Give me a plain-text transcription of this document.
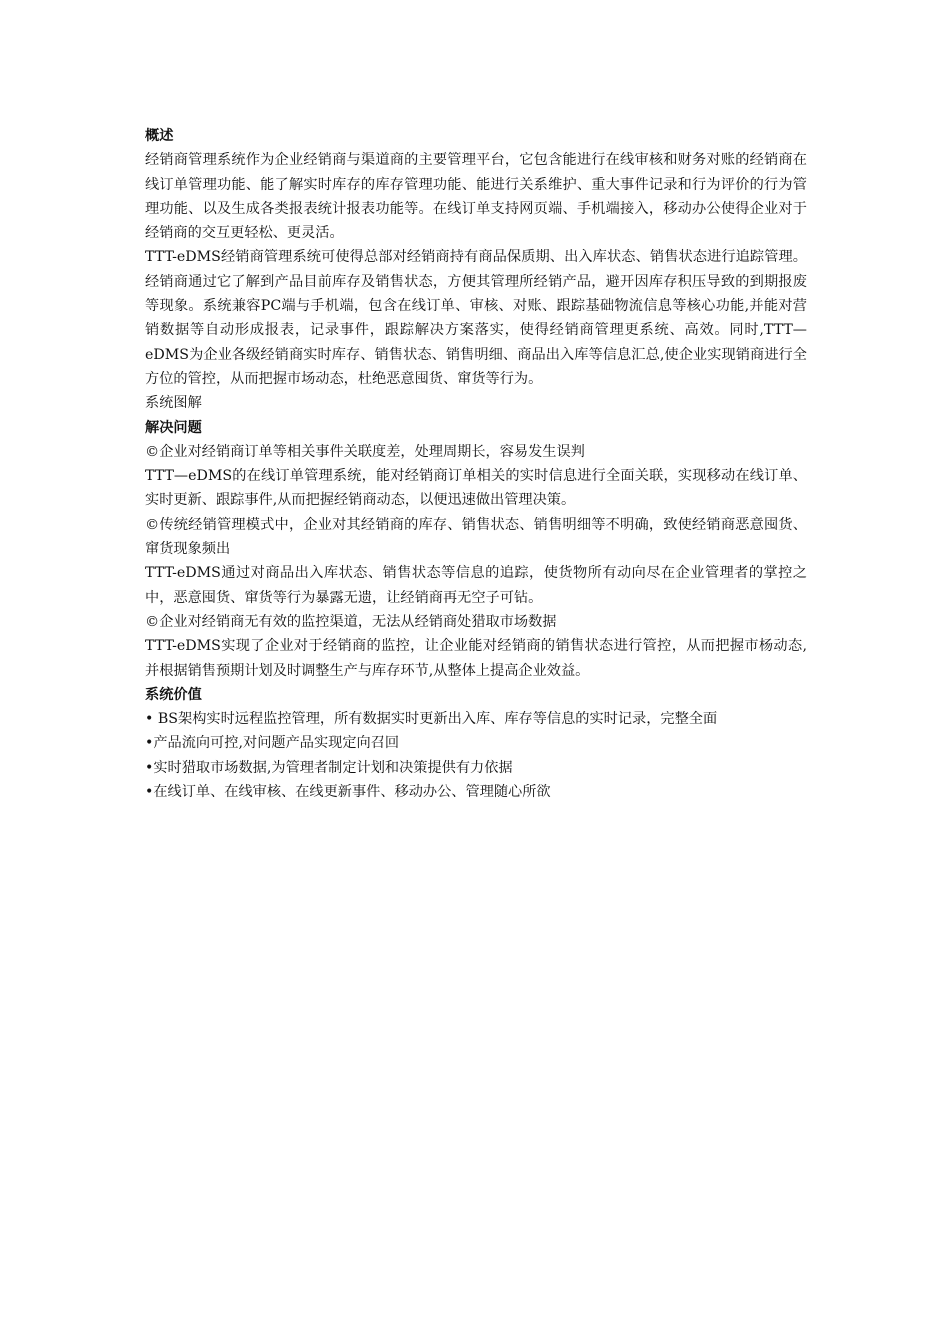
概述

经销商管理系统作为企业经销商与渠道商的主要管理平台，它包含能进行在线审核和财务对账的经销商在线订单管理功能、能了解实时库存的库存管理功能、能进行关系维护、重大事件记录和行为评价的行为管理功能、以及生成各类报表统计报表功能等。在线订单支持网页端、手机端接入，移动办公使得企业对于经销商的交互更轻松、更灵活。

TTT-eDMS经销商管理系统可使得总部对经销商持有商品保质期、出入库状态、销售状态进行追踪管理。经销商通过它了解到产品目前库存及销售状态，方便其管理所经销产品，避开因库存积压导致的到期报废等现象。系统兼容PC端与手机端，包含在线订单、审核、对账、跟踪基础物流信息等核心功能,并能对营销数据等自动形成报表，记录事件，跟踪解决方案落实，使得经销商管理更系统、高效。同时,TTT—eDMS为企业各级经销商实时库存、销售状态、销售明细、商品出入库等信息汇总,使企业实现销商进行全方位的管控，从而把握市场动态，杜绝恶意囤货、窜货等行为。

系统图解
解决问题

©企业对经销商订单等相关事件关联度差，处理周期长，容易发生误判

TTT—eDMS的在线订单管理系统，能对经销商订单相关的实时信息进行全面关联，实现移动在线订单、实时更新、跟踪事件,从而把握经销商动态，以便迅速做出管理决策。

©传统经销管理模式中，企业对其经销商的库存、销售状态、销售明细等不明确，致使经销商恶意囤货、窜货现象频出

TTT-eDMS通过对商品出入库状态、销售状态等信息的追踪，使货物所有动向尽在企业管理者的掌控之中，恶意囤货、窜货等行为暴露无遗，让经销商再无空子可钻。

©企业对经销商无有效的监控渠道，无法从经销商处猎取市场数据

TTT-eDMS实现了企业对于经销商的监控，让企业能对经销商的销售状态进行管控，从而把握市杨动态,并根据销售预期计划及时调整生产与库存环节,从整体上提高企业效益。

系统价值

• BS架构实时远程监控管理，所有数据实时更新出入库、库存等信息的实时记录，完整全面

•产品流向可控,对问题产品实现定向召回

•实时猎取市场数据,为管理者制定计划和决策提供有力依据

•在线订单、在线审核、在线更新事件、移动办公、管理随心所欲
